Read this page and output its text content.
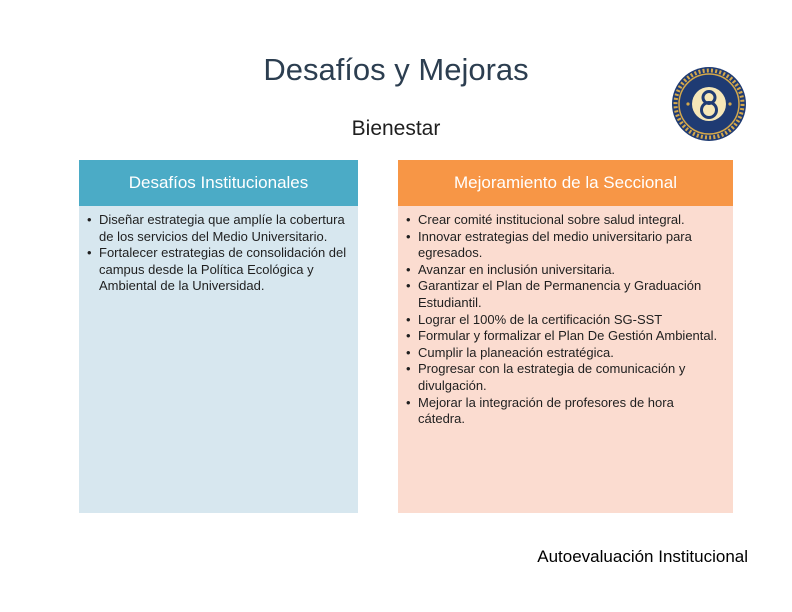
Desafíos y Mejoras
Bienestar
Desafíos Institucionales
• Diseñar estrategia que amplíe la cobertura de los servicios del Medio Universitario.
• Fortalecer estrategias de consolidación del campus desde la Política Ecológica y Ambiental de la Universidad.
Mejoramiento de la Seccional
• Crear comité institucional sobre salud integral.
• Innovar estrategias del medio universitario para egresados.
• Avanzar en inclusión universitaria.
• Garantizar el Plan de Permanencia y Graduación Estudiantil.
• Lograr el 100% de la certificación SG-SST
• Formular y formalizar el Plan De Gestión Ambiental.
• Cumplir la planeación estratégica.
• Progresar con la estrategia de comunicación y divulgación.
• Mejorar la integración de profesores de hora cátedra.
Autoevaluación Institucional
